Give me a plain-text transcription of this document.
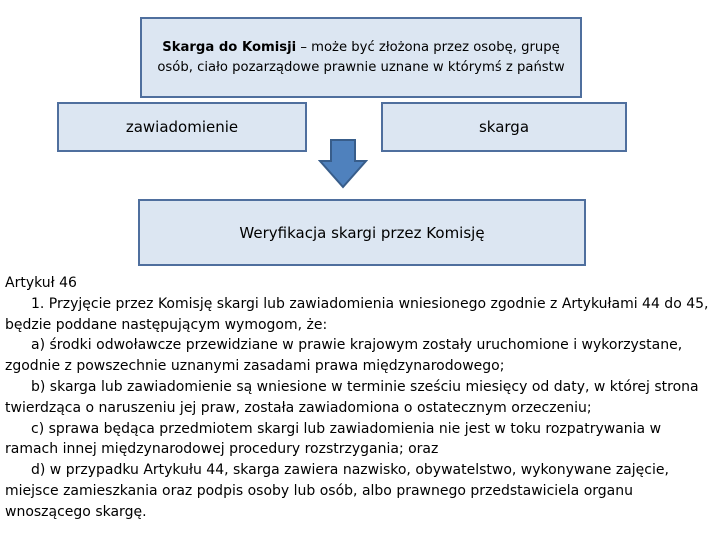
Skarga do Komisji – może być złożona przez osobę, grupę osób, ciało pozarządowe prawnie uznane w którymś z państw
zawiadomienie	skarga
Weryfikacja skargi przez Komisję

Artykuł 46

1. Przyjęcie przez Komisję skargi lub zawiadomienia wniesionego zgodnie z Artykułami 44 do 45, będzie poddane następującym wymogom, że:

a) środki odwoławcze przewidziane w prawie krajowym zostały uruchomione i wykorzystane, zgodnie z powszechnie uznanymi zasadami prawa międzynarodowego;

b) skarga lub zawiadomienie są wniesione w terminie sześciu miesięcy od daty, w której strona twierdząca o naruszeniu jej praw, została zawiadomiona o ostatecznym orzeczeniu;

c) sprawa będąca przedmiotem skargi lub zawiadomienia nie jest w toku rozpatrywania w ramach innej międzynarodowej procedury rozstrzygania; oraz

d) w przypadku Artykułu 44, skarga zawiera nazwisko, obywatelstwo, wykonywane zajęcie, miejsce zamieszkania oraz podpis osoby lub osób, albo prawnego przedstawiciela organu wnoszącego skargę.
